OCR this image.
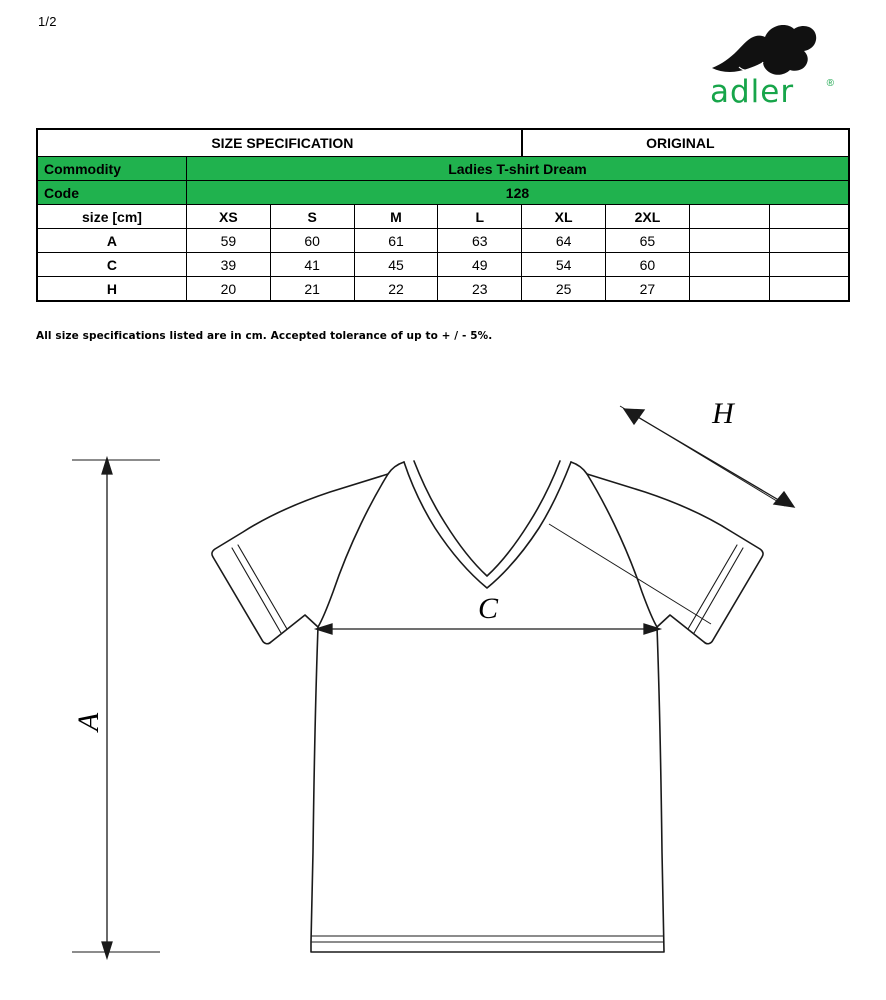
1/2
adler	®
SIZE SPECIFICATION					ORIGINAL			
Commodity	Ladies T-shirt Dream							
Code	128							
size [cm]	XS	S	M	L	XL	2XL		
A	59	60	61	63	64	65		
C	39	41	45	49	54	60		
H	20	21	22	23	25	27		
All size specifications listed are in cm. Accepted tolerance of up to + / - 5%.
A
C
H
